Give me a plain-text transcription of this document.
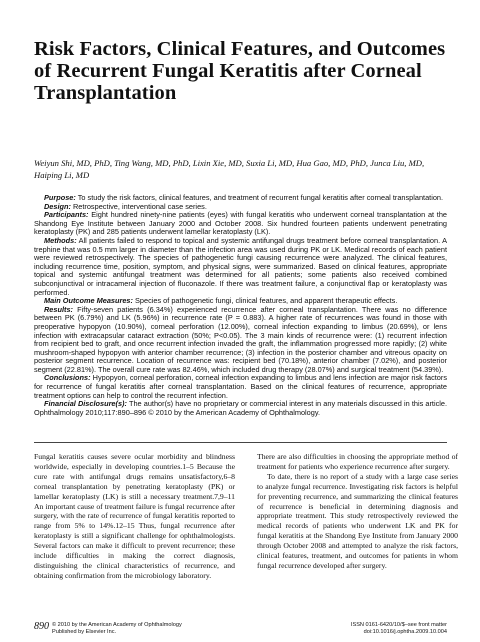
Risk Factors, Clinical Features, and Outcomes of Recurrent Fungal Keratitis after Corneal Transplantation

Weiyun Shi, MD, PhD, Ting Wang, MD, PhD, Lixin Xie, MD, Suxia Li, MD, Hua Gao, MD, PhD, Junca Liu, MD, Haiping Li, MD

Purpose: To study the risk factors, clinical features, and treatment of recurrent fungal keratitis after corneal transplantation.

Design: Retrospective, interventional case series.

Participants: Eight hundred ninety-nine patients (eyes) with fungal keratitis who underwent corneal transplantation at the Shandong Eye Institute between January 2000 and October 2008. Six hundred fourteen patients underwent penetrating keratoplasty (PK) and 285 patients underwent lamellar keratoplasty (LK).

Methods: All patients failed to respond to topical and systemic antifungal drugs treatment before corneal transplantation. A trephine that was 0.5 mm larger in diameter than the infection area was used during PK or LK. Medical records of each patient were reviewed retrospectively. The species of pathogenetic fungi causing recurrence were analyzed. The clinical features, including recurrence time, position, symptom, and physical signs, were summarized. Based on clinical features, appropriate topical and systemic antifungal treatment was determined for all patients; some patients also received combined subconjunctival or intracameral injection of fluconazole. If there was treatment failure, a conjunctival flap or keratoplasty was performed.

Main Outcome Measures: Species of pathogenetic fungi, clinical features, and apparent therapeutic effects.

Results: Fifty-seven patients (6.34%) experienced recurrence after corneal transplantation. There was no difference between PK (6.79%) and LK (5.96%) in recurrence rate (P = 0.883). A higher rate of recurrences was found in those with preoperative hypopyon (10.90%), corneal perforation (12.00%), corneal infection expanding to limbus (20.69%), or lens infection with extracapsular cataract extraction (50%; P<0.05). The 3 main kinds of recurrence were: (1) recurrent infection from recipient bed to graft, and once recurrent infection invaded the graft, the inflammation progressed more rapidly; (2) white mushroom-shaped hypopyon with anterior chamber recurrence; (3) infection in the posterior chamber and vitreous opacity on posterior segment recurrence. Location of recurrence was: recipient bed (70.18%), anterior chamber (7.02%), and posterior segment (22.81%). The overall cure rate was 82.46%, which included drug therapy (28.07%) and surgical treatment (54.39%).

Conclusions: Hypopyon, corneal perforation, corneal infection expanding to limbus and lens infection are major risk factors for recurrence of fungal keratitis after corneal transplantation. Based on the clinical features of recurrence, appropriate treatment options can help to control the recurrent infection.

Financial Disclosure(s): The author(s) have no proprietary or commercial interest in any materials discussed in this article. Ophthalmology 2010;117:890–896 © 2010 by the American Academy of Ophthalmology.

Fungal keratitis causes severe ocular morbidity and blindness worldwide, especially in developing countries.1–5 Because the cure rate with antifungal drugs remains unsatisfactory,6–8 corneal transplantation by penetrating keratoplasty (PK) or lamellar keratoplasty (LK) is still a necessary treatment.7,9–11 An important cause of treatment failure is fungal recurrence after surgery, with the rate of recurrence of fungal keratitis reported to range from 5% to 14%.12–15 Thus, fungal recurrence after keratoplasty is still a significant challenge for ophthalmologists. Several factors can make it difficult to prevent recurrence; these include difficulties in making the correct diagnosis, distinguishing the clinical characteristics of recurrence, and obtaining confirmation from the microbiology laboratory.

There are also difficulties in choosing the appropriate method of treatment for patients who experience recurrence after surgery.

To date, there is no report of a study with a large case series to analyze fungal recurrence. Investigating risk factors is helpful for preventing recurrence, and summarizing the clinical features of recurrence is beneficial in determining diagnosis and appropriate treatment. This study retrospectively reviewed the medical records of patients who underwent LK and PK for fungal keratitis at the Shandong Eye Institute from January 2000 through October 2008 and attempted to analyze the risk factors, clinical features, treatment, and outcomes for patients in whom fungal recurrence developed after surgery.

890 © 2010 by the American Academy of Ophthalmology
Published by Elsevier Inc.
ISSN 0161-6420/10/$–see front matter
doi:10.1016/j.ophtha.2009.10.004
